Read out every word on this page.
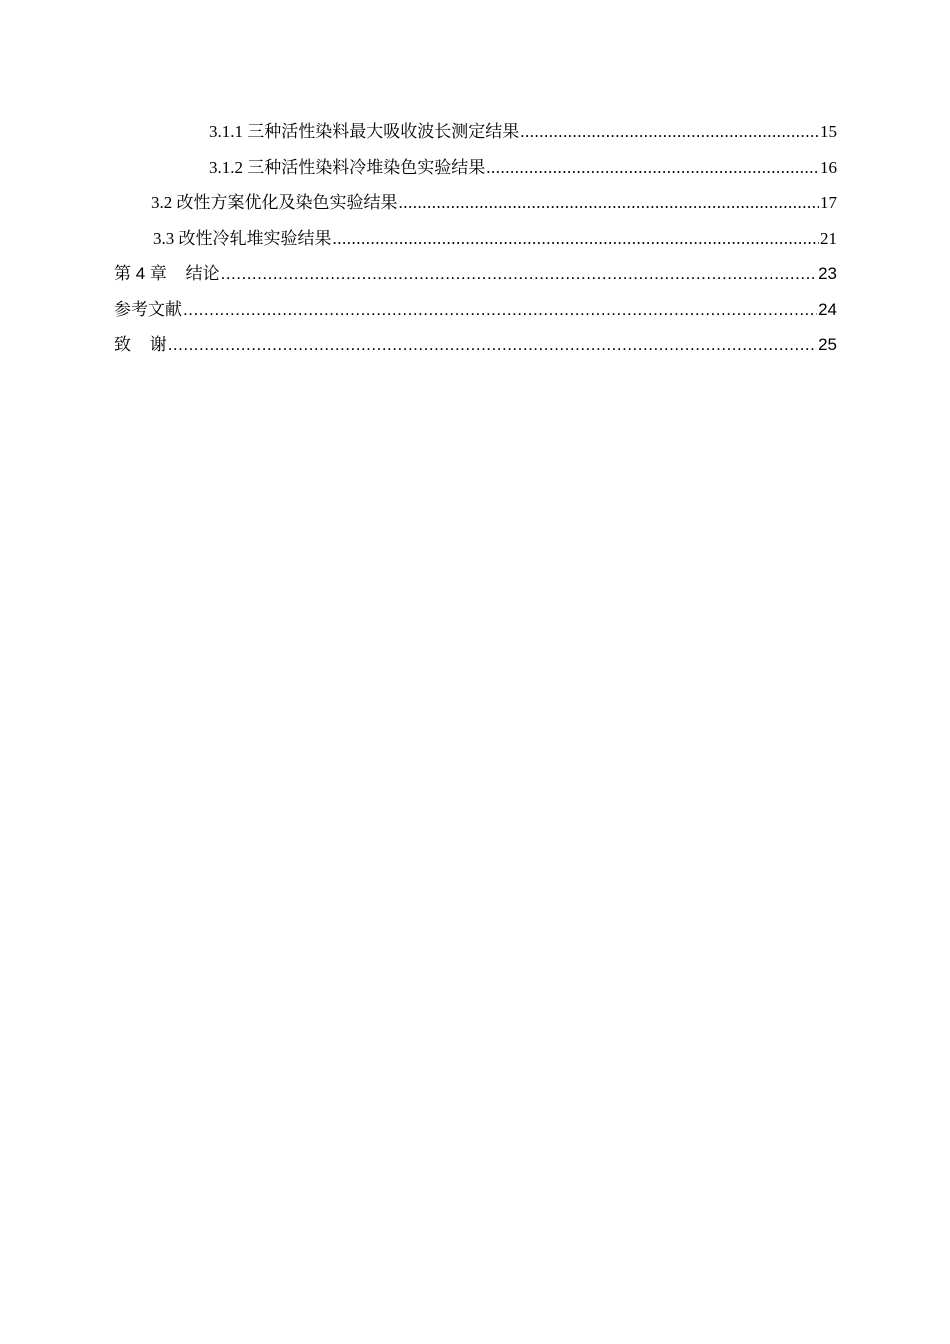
3.1.1 三种活性染料最大吸收波长测定结果 .....	15
3.1.2 三种活性染料冷堆染色实验结果 .....	16
3.2 改性方案优化及染色实验结果 .....	17
3.3 改性冷轧堆实验结果 .....	21
第 4 章 结论 .....	23
参考文献 .....	24
致 谢 .....	25
